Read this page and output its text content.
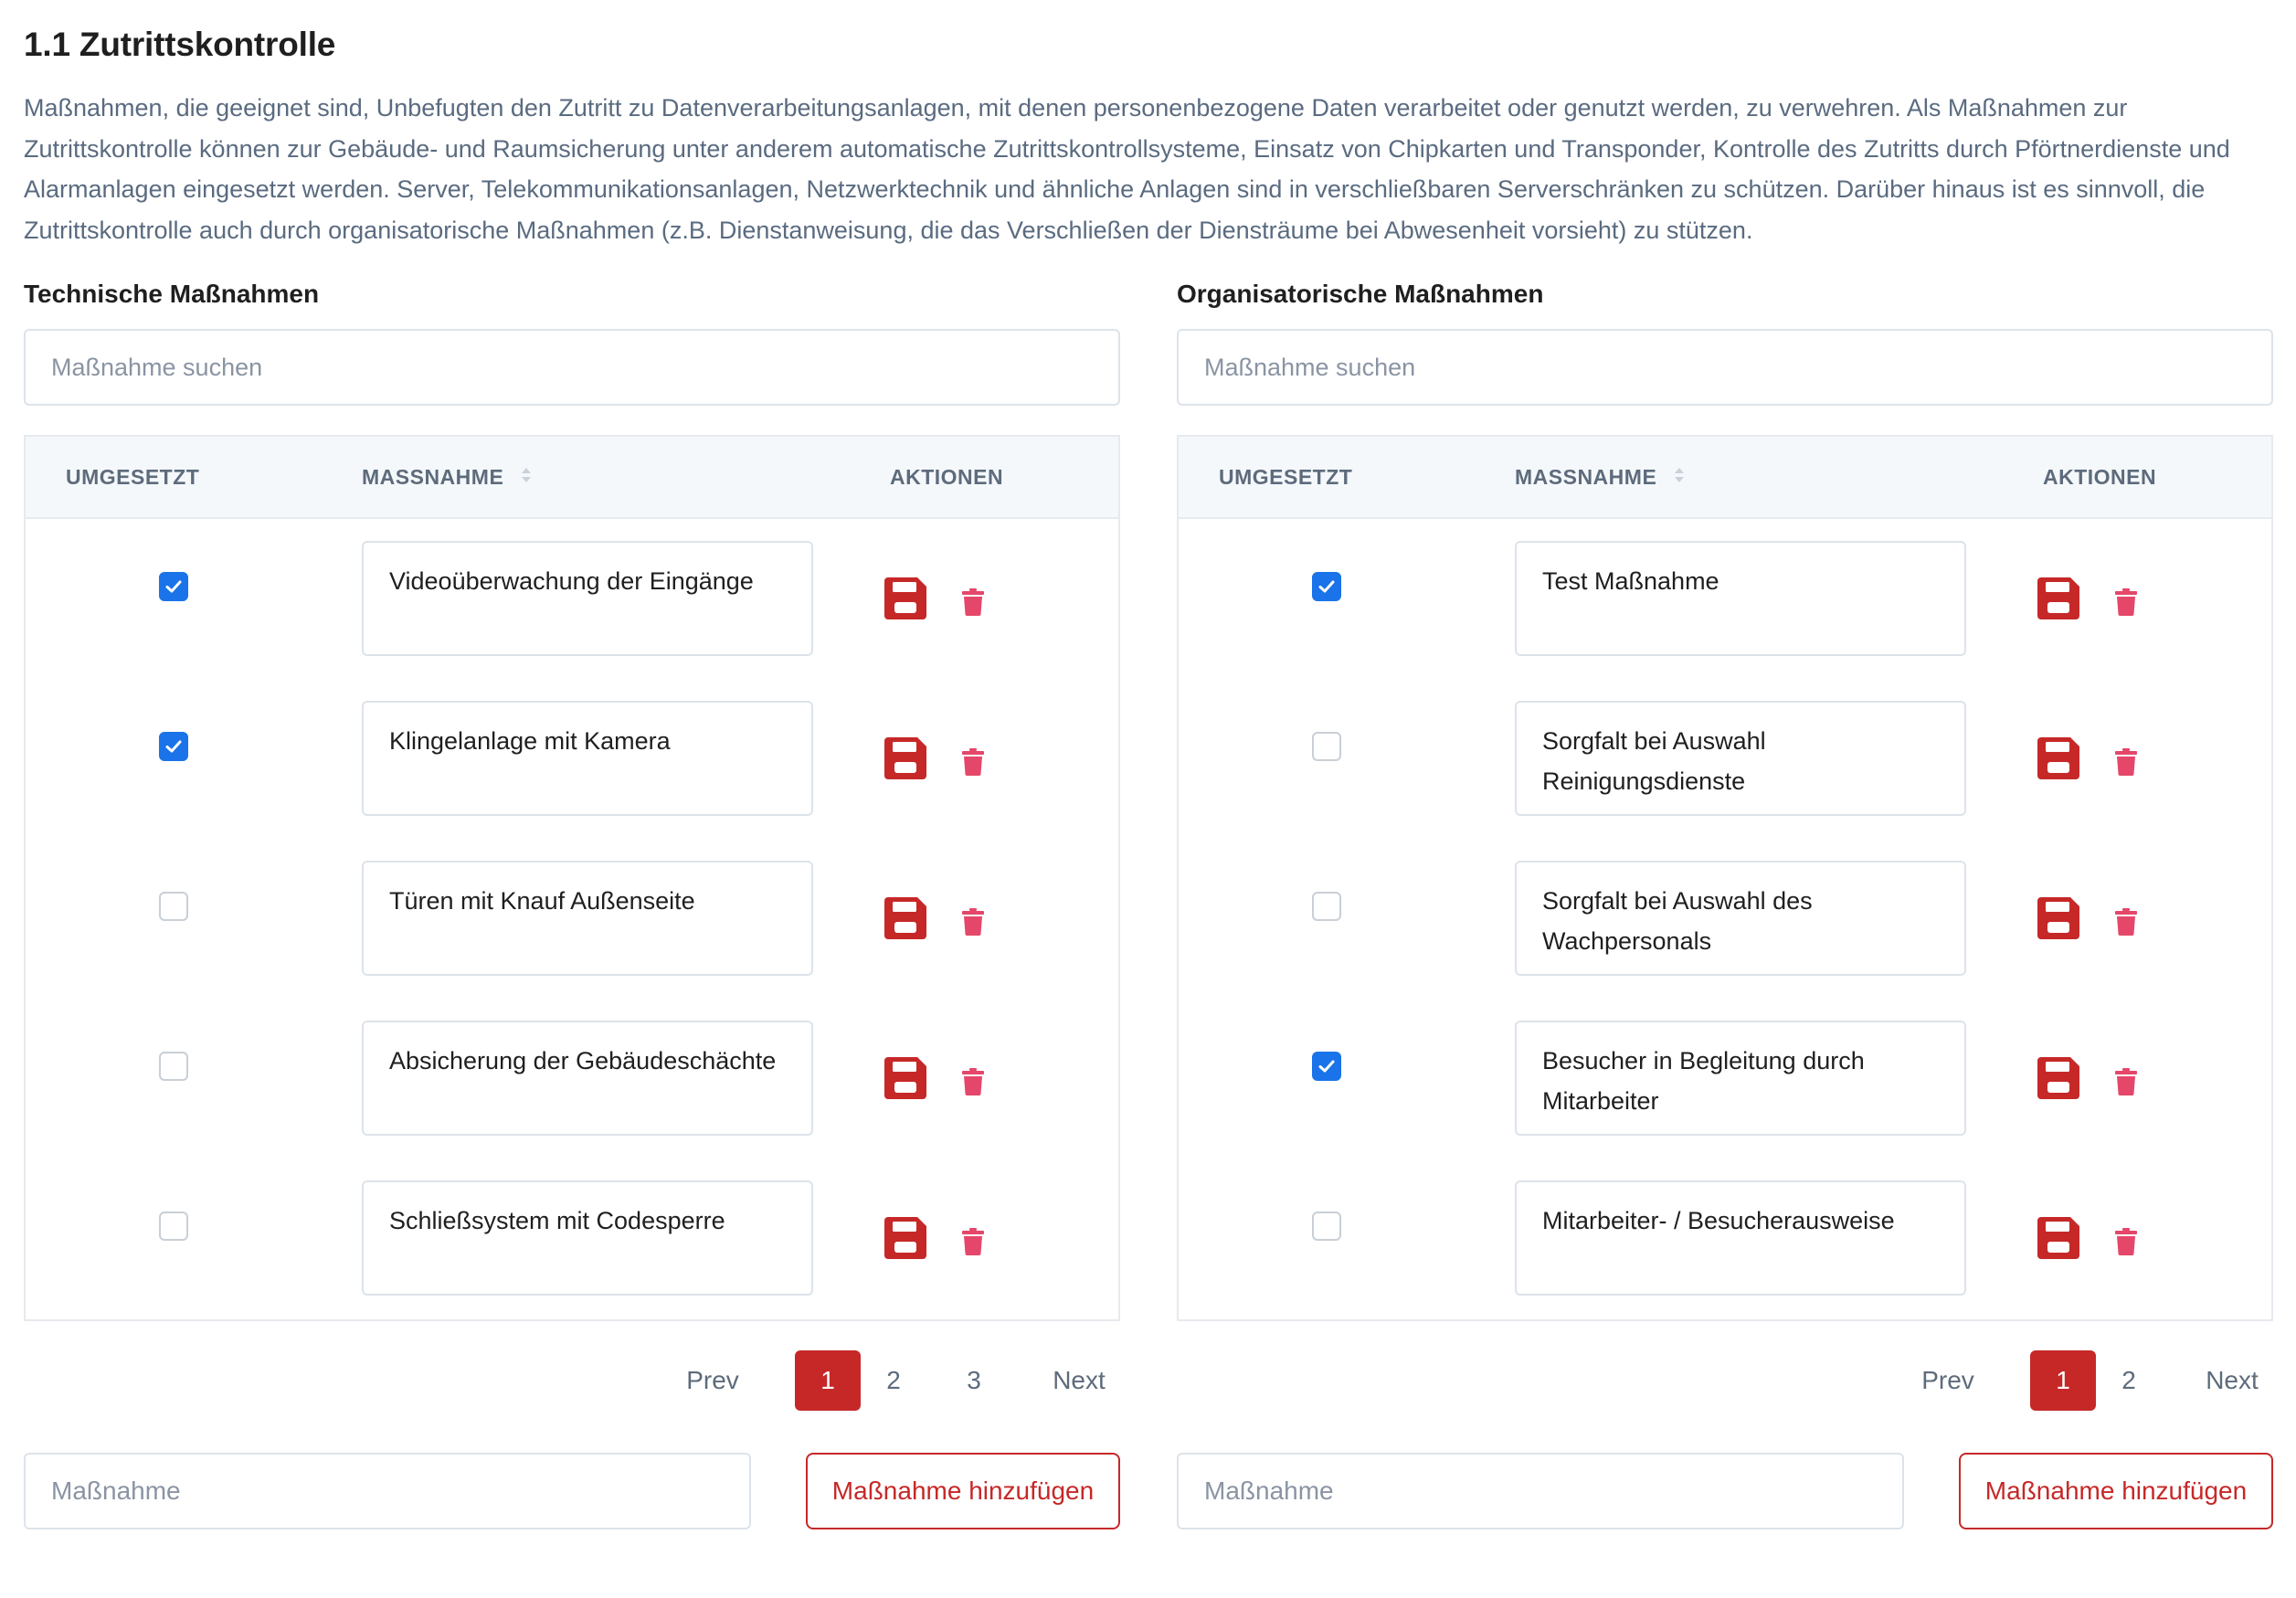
1.1 Zutrittskontrolle

Maßnahmen, die geeignet sind, Unbefugten den Zutritt zu Datenverarbeitungsanlagen, mit denen personenbezogene Daten verarbeitet oder genutzt werden, zu verwehren. Als Maßnahmen zur Zutrittskontrolle können zur Gebäude- und Raumsicherung unter anderem automatische Zutrittskontrollsysteme, Einsatz von Chipkarten und Transponder, Kontrolle des Zutritts durch Pförtnerdienste und Alarmanlagen eingesetzt werden. Server, Telekommunikationsanlagen, Netzwerktechnik und ähnliche Anlagen sind in verschließbaren Serverschränken zu schützen. Darüber hinaus ist es sinnvoll, die Zutrittskontrolle auch durch organisatorische Maßnahmen (z.B. Dienstanweisung, die das Verschließen der Diensträume bei Abwesenheit vorsieht) zu stützen.

Technische Maßnahmen
Maßnahme suchen
UMGESETZT	MASSNAHME	AKTIONEN
Videoüberwachung der Eingänge
Klingelanlage mit Kamera
Türen mit Knauf Außenseite
Absicherung der Gebäudeschächte
Schließsystem mit Codesperre
Prev	1	2	3	Next
Maßnahme
Maßnahme hinzufügen
Organisatorische Maßnahmen
Maßnahme suchen
UMGESETZT	MASSNAHME	AKTIONEN
Test Maßnahme
Sorgfalt bei Auswahl Reinigungsdienste
Sorgfalt bei Auswahl des Wachpersonals
Besucher in Begleitung durch Mitarbeiter
Mitarbeiter- / Besucherausweise
Prev	1	2	Next
Maßnahme
Maßnahme hinzufügen
